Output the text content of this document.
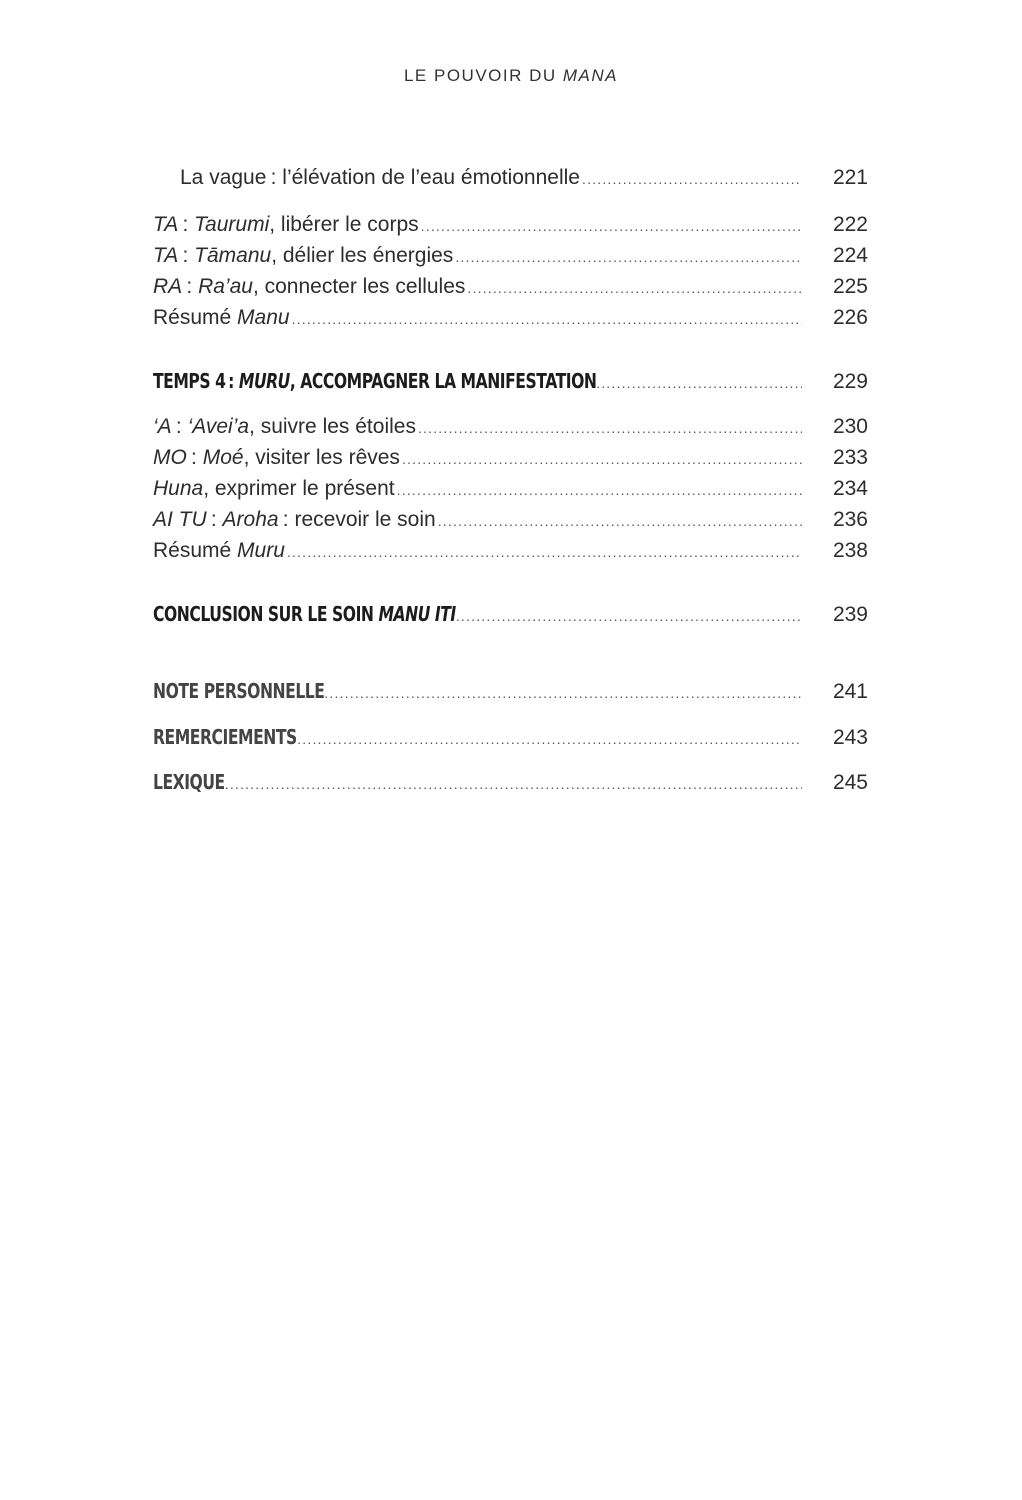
LE POUVOIR DU MANA
La vague : l’élévation de l’eau émotionnelle .....	221
TA : Taurumi, libérer le corps .....	222
TA : Tāmanu, délier les énergies .....	224
RA : Ra’au, connecter les cellules .....	225
Résumé Manu .....	226
TEMPS 4 : MURU, ACCOMPAGNER LA MANIFESTATION .....	229
‘A : ‘Avei’a, suivre les étoiles .....	230
MO : Moé, visiter les rêves .....	233
Huna, exprimer le présent .....	234
AI TU : Aroha : recevoir le soin .....	236
Résumé Muru .....	238
CONCLUSION SUR LE SOIN MANU ITI .....	239
NOTE PERSONNELLE .....	241
REMERCIEMENTS .....	243
LEXIQUE .....	245
